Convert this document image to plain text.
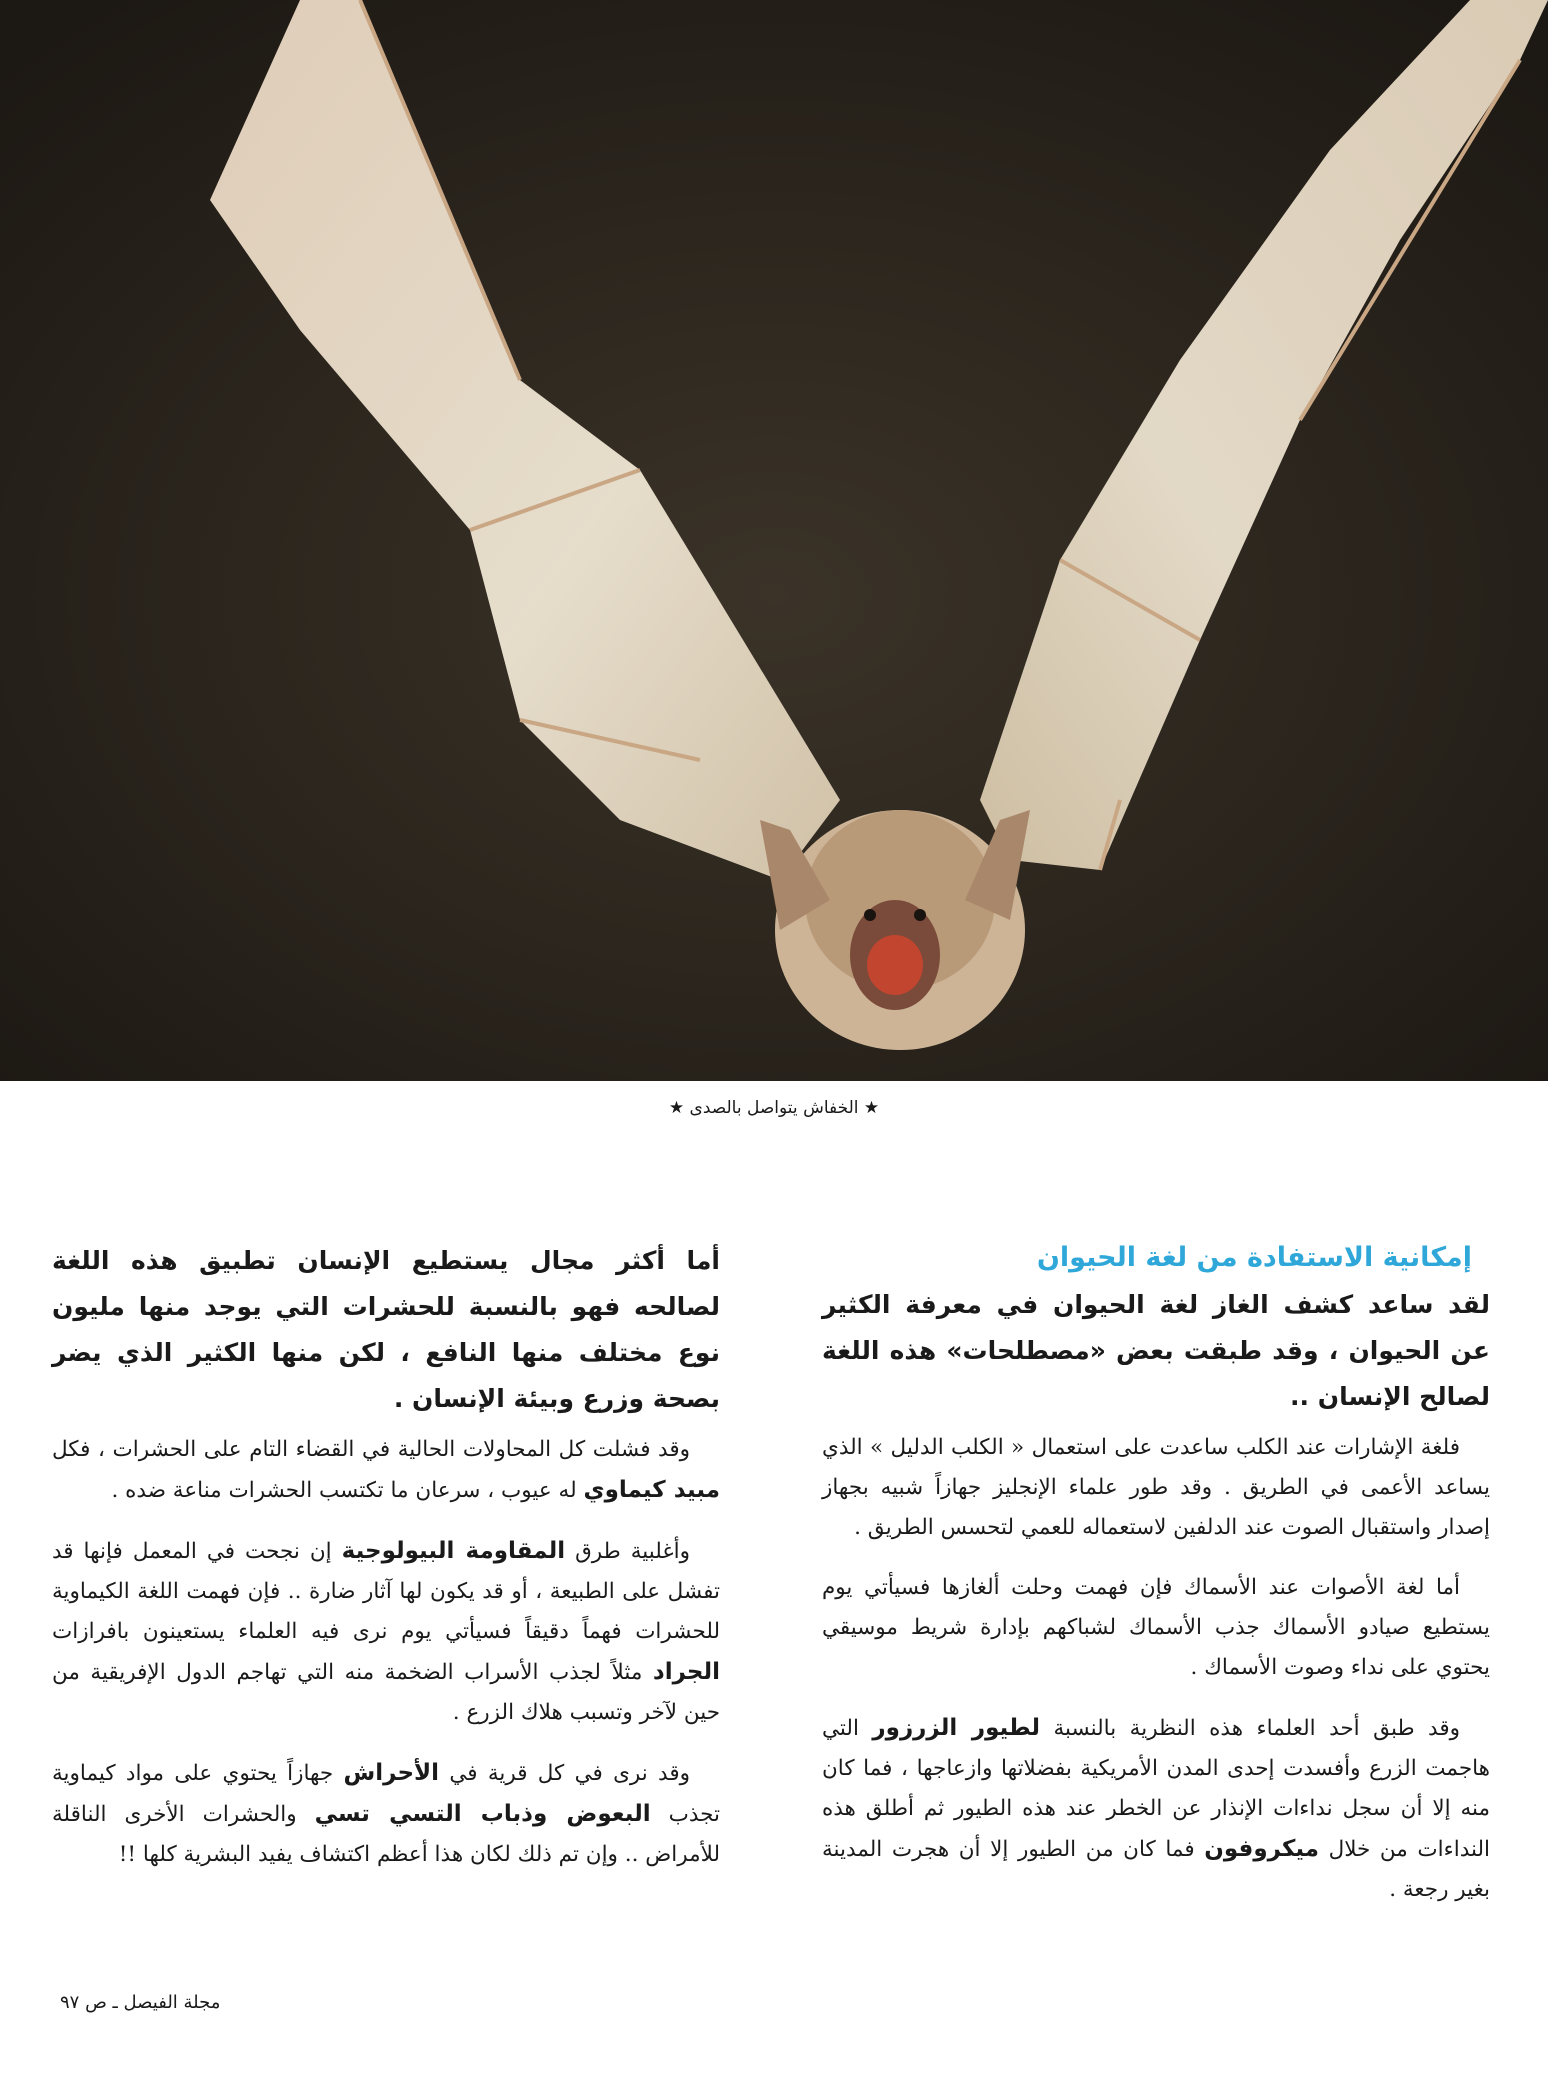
★ الخفاش يتواصل بالصدى ★
إمكانية الاستفادة من لغة الحيوان

لقد ساعد كشف الغاز لغة الحيوان في معرفة الكثير عن الحيوان ، وقد طبقت بعض «مصطلحات» هذه اللغة لصالح الإنسان ..

فلغة الإشارات عند الكلب ساعدت على استعمال « الكلب الدليل » الذي يساعد الأعمى في الطريق . وقد طور علماء الإنجليز جهازاً شبيه بجهاز إصدار واستقبال الصوت عند الدلفين لاستعماله للعمي لتحسس الطريق .

أما لغة الأصوات عند الأسماك فإن فهمت وحلت ألغازها فسيأتي يوم يستطيع صيادو الأسماك جذب الأسماك لشباكهم بإدارة شريط موسيقي يحتوي على نداء وصوت الأسماك .

وقد طبق أحد العلماء هذه النظرية بالنسبة لطيور الزرزور التي هاجمت الزرع وأفسدت إحدى المدن الأمريكية بفضلاتها وازعاجها ، فما كان منه إلا أن سجل نداءات الإنذار عن الخطر عند هذه الطيور ثم أطلق هذه النداءات من خلال ميكروفون فما كان من الطيور إلا أن هجرت المدينة بغير رجعة .

أما أكثر مجال يستطيع الإنسان تطبيق هذه اللغة لصالحه فهو بالنسبة للحشرات التي يوجد منها مليون نوع مختلف منها النافع ، لكن منها الكثير الذي يضر بصحة وزرع وبيئة الإنسان .

وقد فشلت كل المحاولات الحالية في القضاء التام على الحشرات ، فكل مبيد كيماوي له عيوب ، سرعان ما تكتسب الحشرات مناعة ضده .

وأغلبية طرق المقاومة البيولوجية إن نجحت في المعمل فإنها قد تفشل على الطبيعة ، أو قد يكون لها آثار ضارة .. فإن فهمت اللغة الكيماوية للحشرات فهماً دقيقاً فسيأتي يوم نرى فيه العلماء يستعينون بافرازات الجراد مثلاً لجذب الأسراب الضخمة منه التي تهاجم الدول الإفريقية من حين لآخر وتسبب هلاك الزرع .

وقد نرى في كل قرية في الأحراش جهازاً يحتوي على مواد كيماوية تجذب البعوض وذباب التسي تسي والحشرات الأخرى الناقلة للأمراض .. وإن تم ذلك لكان هذا أعظم اكتشاف يفيد البشرية كلها !!

مجلة الفيصل ـ ص ٩٧
